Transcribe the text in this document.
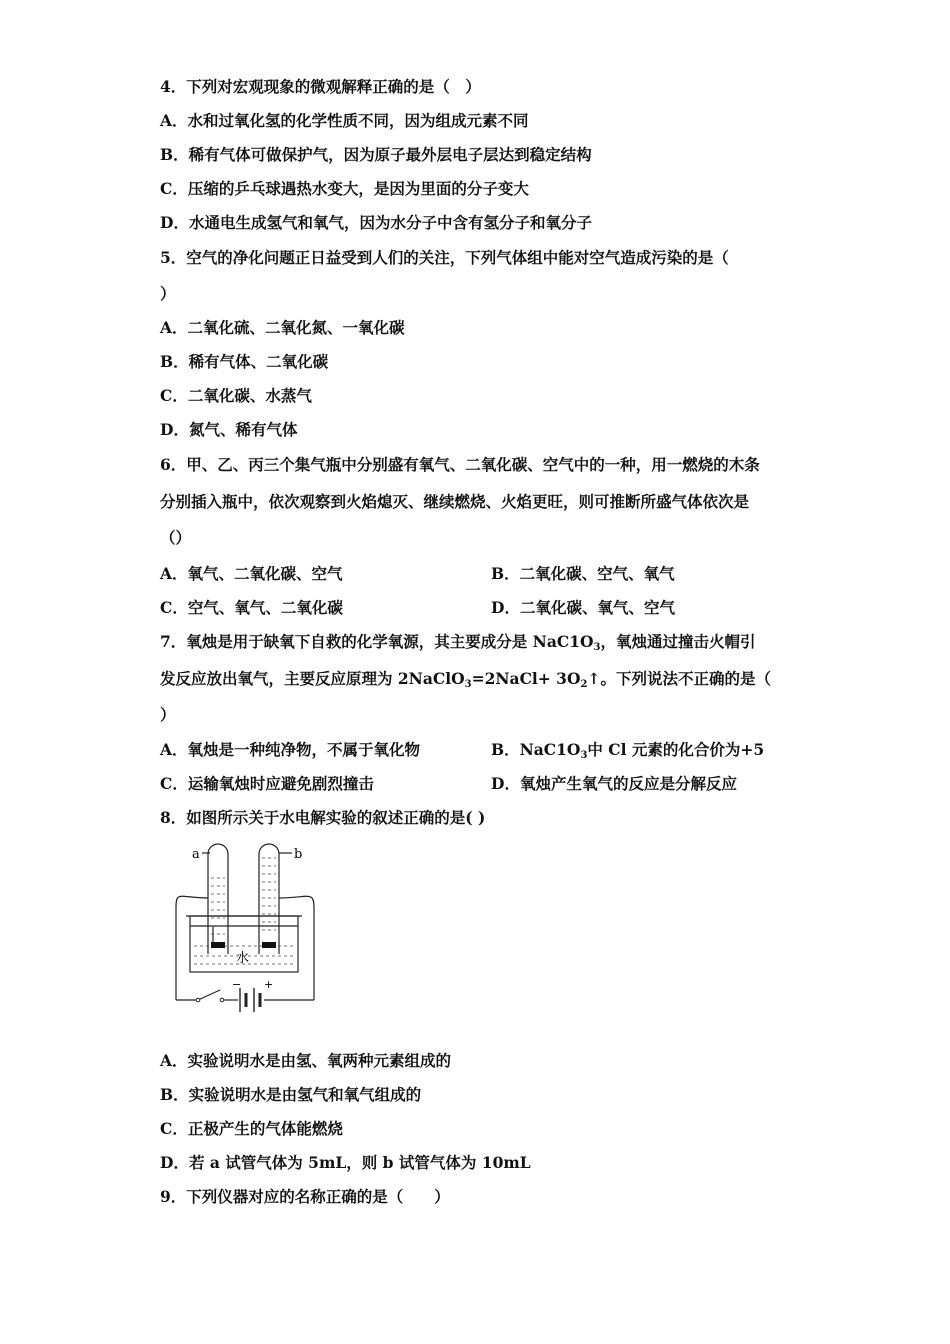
4．下列对宏观现象的微观解释正确的是（　）
A．水和过氧化氢的化学性质不同，因为组成元素不同
B．稀有气体可做保护气，因为原子最外层电子层达到稳定结构
C．压缩的乒乓球遇热水变大，是因为里面的分子变大
D．水通电生成氢气和氧气，因为水分子中含有氢分子和氧分子
5．空气的净化问题正日益受到人们的关注，下列气体组中能对空气造成污染的是（
）
A．二氧化硫、二氧化氮、一氧化碳
B．稀有气体、二氧化碳
C．二氧化碳、水蒸气
D．氮气、稀有气体
6．甲、乙、丙三个集气瓶中分别盛有氧气、二氧化碳、空气中的一种，用一燃烧的木条
分别插入瓶中，依次观察到火焰熄灭、继续燃烧、火焰更旺，则可推断所盛气体依次是
（）
A．氧气、二氧化碳、空气	B．二氧化碳、空气、氧气
C．空气、氧气、二氧化碳	D．二氧化碳、氧气、空气
7．氧烛是用于缺氧下自救的化学氧源，其主要成分是 $NaC1O_3$，氧烛通过撞击火帽引
发反应放出氧气，主要反应原理为 2NaClO$_3$=2NaCl+ $3O_2↑$。下列说法不正确的是（
）
A．氧烛是一种纯净物，不属于氧化物	B．$NaC1O_3$中 Cl 元素的化合价为+5
C．运输氧烛时应避免剧烈撞击	D．氧烛产生氧气的反应是分解反应
8．如图所示关于水电解实验的叙述正确的是( )
a	b
水
− +
A．实验说明水是由氢、氧两种元素组成的
B．实验说明水是由氢气和氧气组成的
C．正极产生的气体能燃烧
D．若 a 试管气体为 5mL，则 b 试管气体为 10mL
9．下列仪器对应的名称正确的是（　　）
